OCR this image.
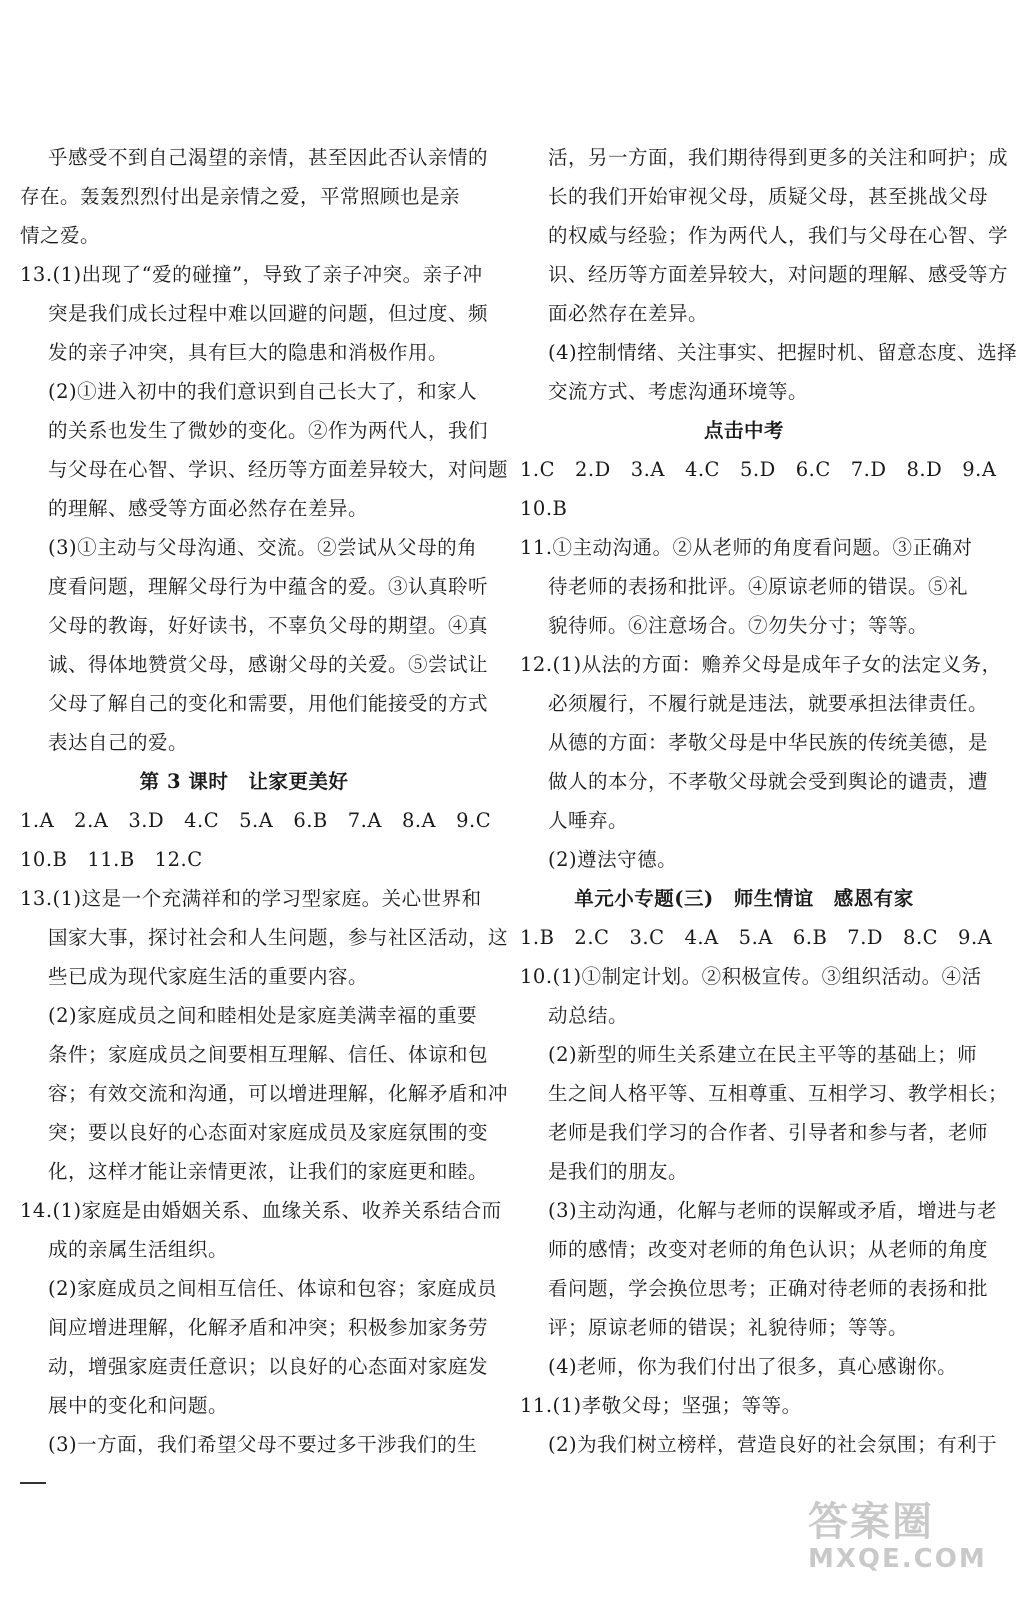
乎感受不到自己渴望的亲情，甚至因此否认亲情的
存在。轰轰烈烈付出是亲情之爱，平常照顾也是亲
情之爱。
13.(1)出现了“爱的碰撞”，导致了亲子冲突。亲子冲
突是我们成长过程中难以回避的问题，但过度、频
发的亲子冲突，具有巨大的隐患和消极作用。
(2)①进入初中的我们意识到自己长大了，和家人
的关系也发生了微妙的变化。②作为两代人，我们
与父母在心智、学识、经历等方面差异较大，对问题
的理解、感受等方面必然存在差异。
(3)①主动与父母沟通、交流。②尝试从父母的角
度看问题，理解父母行为中蕴含的爱。③认真聆听
父母的教诲，好好读书，不辜负父母的期望。④真
诚、得体地赞赏父母，感谢父母的关爱。⑤尝试让
父母了解自己的变化和需要，用他们能接受的方式
表达自己的爱。
第 3 课时　让家更美好
1.A　2.A　3.D　4.C　5.A　6.B　7.A　8.A　9.C
10.B　11.B　12.C
13.(1)这是一个充满祥和的学习型家庭。关心世界和
国家大事，探讨社会和人生问题，参与社区活动，这
些已成为现代家庭生活的重要内容。
(2)家庭成员之间和睦相处是家庭美满幸福的重要
条件；家庭成员之间要相互理解、信任、体谅和包
容；有效交流和沟通，可以增进理解，化解矛盾和冲
突；要以良好的心态面对家庭成员及家庭氛围的变
化，这样才能让亲情更浓，让我们的家庭更和睦。
14.(1)家庭是由婚姻关系、血缘关系、收养关系结合而
成的亲属生活组织。
(2)家庭成员之间相互信任、体谅和包容；家庭成员
间应增进理解，化解矛盾和冲突；积极参加家务劳
动，增强家庭责任意识；以良好的心态面对家庭发
展中的变化和问题。
(3)一方面，我们希望父母不要过多干涉我们的生
活，另一方面，我们期待得到更多的关注和呵护；成
长的我们开始审视父母，质疑父母，甚至挑战父母
的权威与经验；作为两代人，我们与父母在心智、学
识、经历等方面差异较大，对问题的理解、感受等方
面必然存在差异。
(4)控制情绪、关注事实、把握时机、留意态度、选择
交流方式、考虑沟通环境等。
点击中考
1.C　2.D　3.A　4.C　5.D　6.C　7.D　8.D　9.A
10.B
11.①主动沟通。②从老师的角度看问题。③正确对
待老师的表扬和批评。④原谅老师的错误。⑤礼
貌待师。⑥注意场合。⑦勿失分寸；等等。
12.(1)从法的方面：赡养父母是成年子女的法定义务，
必须履行，不履行就是违法，就要承担法律责任。
从德的方面：孝敬父母是中华民族的传统美德，是
做人的本分，不孝敬父母就会受到舆论的谴责，遭
人唾弃。
(2)遵法守德。
单元小专题(三)　师生情谊　感恩有家
1.B　2.C　3.C　4.A　5.A　6.B　7.D　8.C　9.A
10.(1)①制定计划。②积极宣传。③组织活动。④活
动总结。
(2)新型的师生关系建立在民主平等的基础上；师
生之间人格平等、互相尊重、互相学习、教学相长；
老师是我们学习的合作者、引导者和参与者，老师
是我们的朋友。
(3)主动沟通，化解与老师的误解或矛盾，增进与老
师的感情；改变对老师的角色认识；从老师的角度
看问题，学会换位思考；正确对待老师的表扬和批
评；原谅老师的错误；礼貌待师；等等。
(4)老师，你为我们付出了很多，真心感谢你。
11.(1)孝敬父母；坚强；等等。
(2)为我们树立榜样，营造良好的社会氛围；有利于
答案圈
MXQE.COM
